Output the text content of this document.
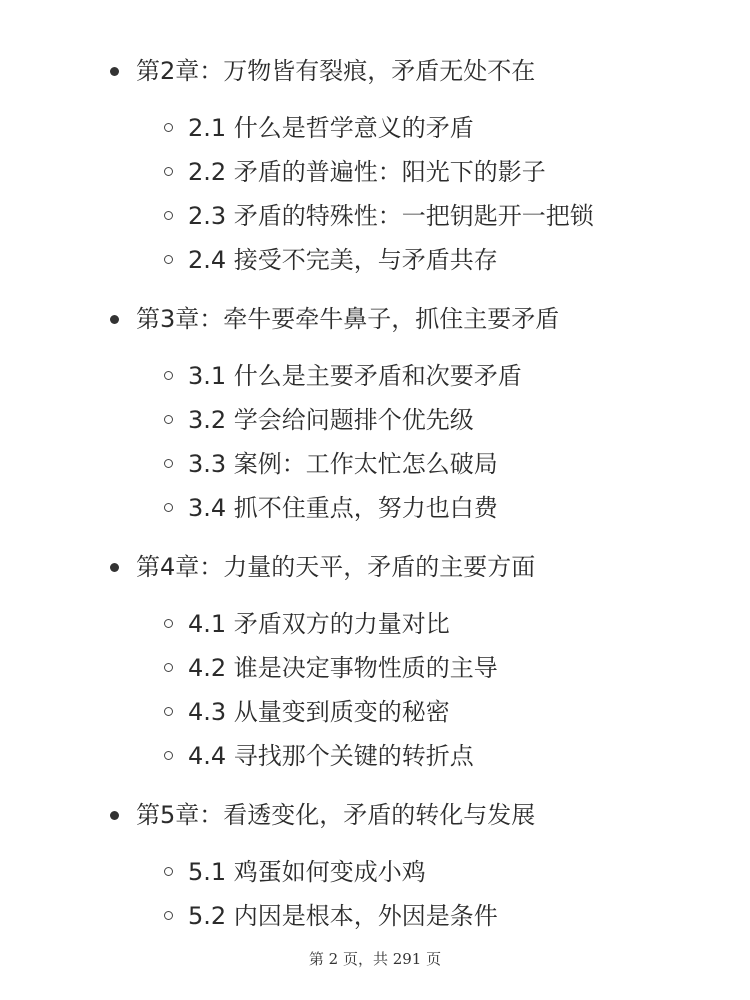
第2章：万物皆有裂痕，矛盾无处不在
2.1 什么是哲学意义的矛盾
2.2 矛盾的普遍性：阳光下的影子
2.3 矛盾的特殊性：一把钥匙开一把锁
2.4 接受不完美，与矛盾共存
第3章：牵牛要牵牛鼻子，抓住主要矛盾
3.1 什么是主要矛盾和次要矛盾
3.2 学会给问题排个优先级
3.3 案例：工作太忙怎么破局
3.4 抓不住重点，努力也白费
第4章：力量的天平，矛盾的主要方面
4.1 矛盾双方的力量对比
4.2 谁是决定事物性质的主导
4.3 从量变到质变的秘密
4.4 寻找那个关键的转折点
第5章：看透变化，矛盾的转化与发展
5.1 鸡蛋如何变成小鸡
5.2 内因是根本，外因是条件
第 2 页，共 291 页
